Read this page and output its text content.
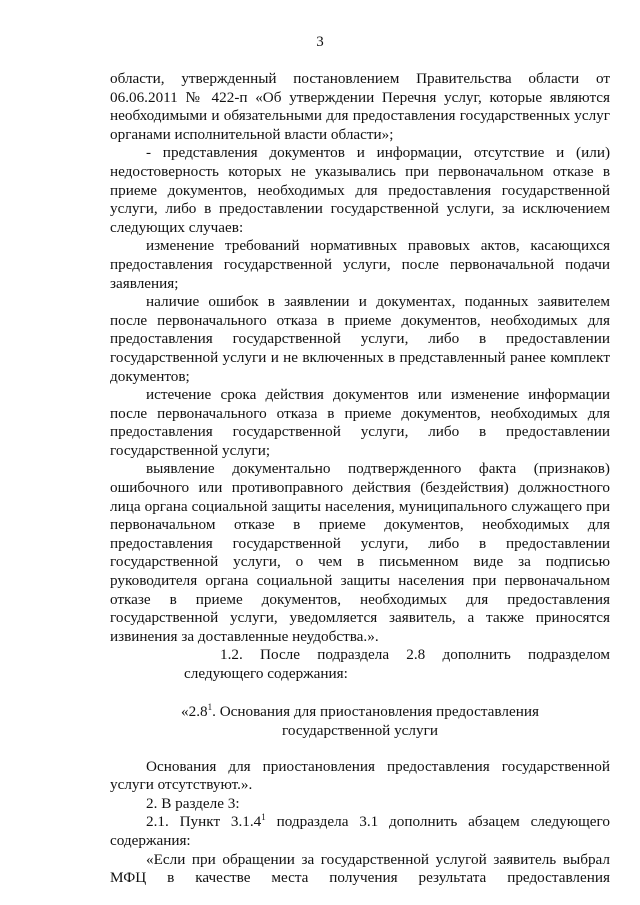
3

области, утвержденный постановлением Правительства области от 06.06.2011 № 422-п «Об утверждении Перечня услуг, которые являются необходимыми и обязательными для предоставления государственных услуг органами исполнительной власти области»;

- представления документов и информации, отсутствие и (или) недостоверность которых не указывались при первоначальном отказе в приеме документов, необходимых для предоставления государственной услуги, либо в предоставлении государственной услуги, за исключением следующих случаев:

изменение требований нормативных правовых актов, касающихся предоставления государственной услуги, после первоначальной подачи заявления;

наличие ошибок в заявлении и документах, поданных заявителем после первоначального отказа в приеме документов, необходимых для предоставления государственной услуги, либо в предоставлении государственной услуги и не включенных в представленный ранее комплект документов;

истечение срока действия документов или изменение информации после первоначального отказа в приеме документов, необходимых для предоставления государственной услуги, либо в предоставлении государственной услуги;

выявление документально подтвержденного факта (признаков) ошибочного или противоправного действия (бездействия) должностного лица органа социальной защиты населения, муниципального служащего при первоначальном отказе в приеме документов, необходимых для предоставления государственной услуги, либо в предоставлении государственной услуги, о чем в письменном виде за подписью руководителя органа социальной защиты населения при первоначальном отказе в приеме документов, необходимых для предоставления государственной услуги, уведомляется заявитель, а также приносятся извинения за доставленные неудобства.».

1.2. После подраздела 2.8 дополнить подразделом следующего содержания:

«$2.8^1$. Основания для приостановления предоставления
государственной услуги

Основания для приостановления предоставления государственной услуги отсутствуют.».

2. В разделе 3:

2.1. Пункт 3.1.4$^1$ подраздела 3.1 дополнить абзацем следующего содержания:

«Если при обращении за государственной услугой заявитель выбрал МФЦ в качестве места получения результата предоставления
